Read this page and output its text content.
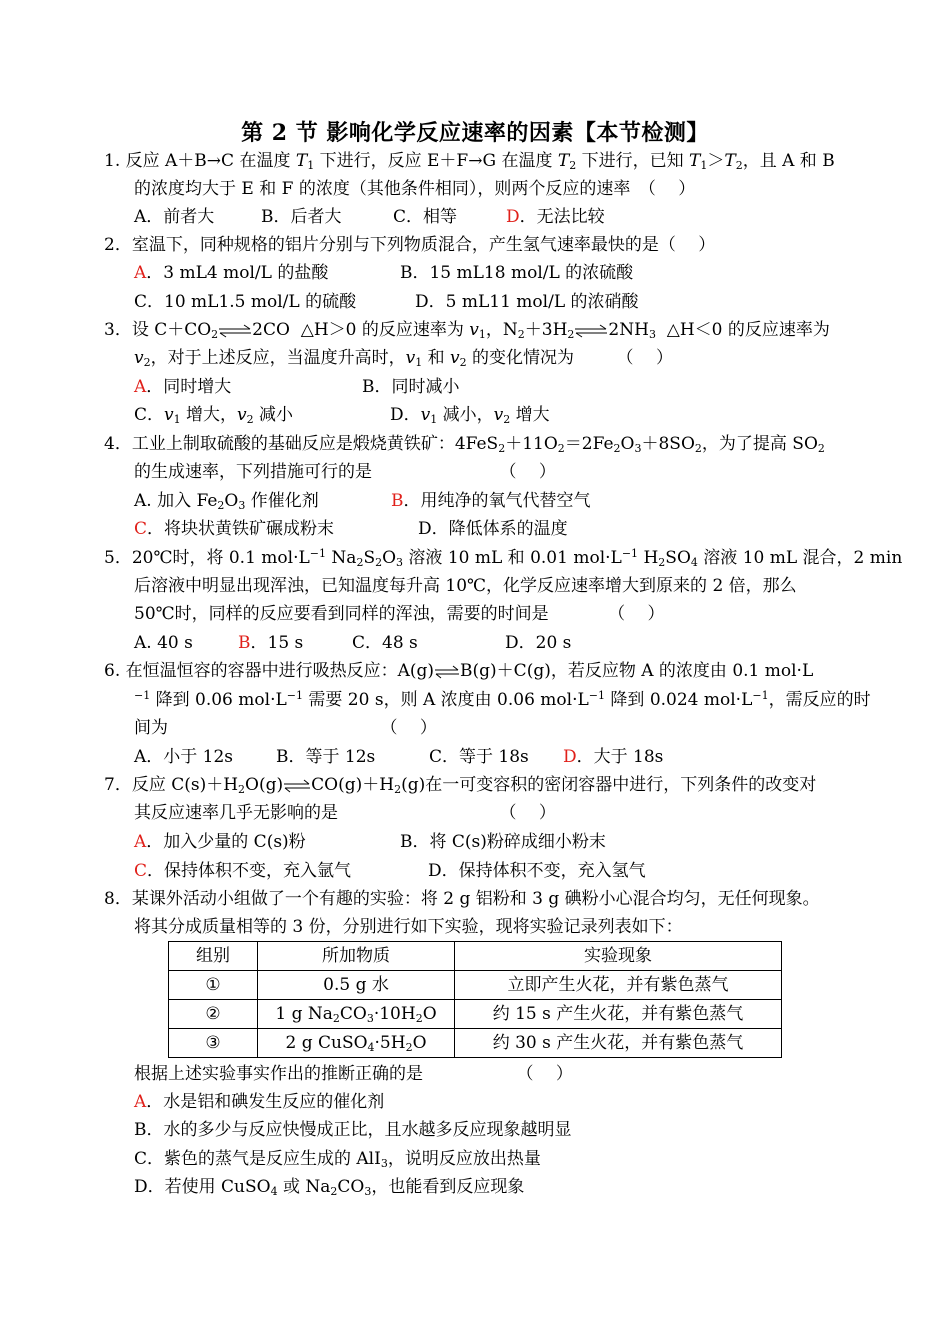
第 2 节 影响化学反应速率的因素【本节检测】
1. 反应 A＋B→C 在温度 $T_1$ 下进行，反应 E＋F→G 在温度 $T_2$ 下进行，已知 $T_1>T_2$，且 A 和 B
的浓度均大于 E 和 F 的浓度（其他条件相同），则两个反应的速率　（　 ）
A．前者大	B．后者大	C．相等	D．无法比较
2．室温下，同种规格的铝片分别与下列物质混合，产生氢气速率最快的是（　 ）
A．3 mL4 mol/L 的盐酸	B．15 mL18 mol/L 的浓硫酸
C．10 mL1.5 mol/L 的硫酸	D．5 mL11 mol/L 的浓硝酸
3．设 $C+CO_2\rightleftharpoons 2CO$  △H＞0 的反应速率为 $v_1$，$N_2+3H_2\rightleftharpoons 2NH_3$  △H＜0 的反应速率为
$v_2$，对于上述反应，当温度升高时，$v_1$ 和 $v_2$ 的变化情况为　　　（　 ）
A．同时增大	B．同时减小
C．$v_1$ 增大，$v_2$ 减小	D．$v_1$ 减小，$v_2$ 增大
4．工业上制取硫酸的基础反应是煅烧黄铁矿：$4FeS_2+11O_2=2Fe_2O_3+8SO_2$，为了提高 $SO_2$
的生成速率，下列措施可行的是　　　　　　　　（　 ）
A. 加入 $Fe_2O_3$ 作催化剂	B．用纯净的氧气代替空气
C．将块状黄铁矿碾成粉末	D．降低体系的温度
5．20℃时，将 0.1 $mol\cdot L^{-1}$ $Na_2S_2O_3$ 溶液 10 mL 和 0.01 $mol\cdot L^{-1}$ $H_2SO_4$ 溶液 10 mL 混合，2 min
后溶液中明显出现浑浊，已知温度每升高 10℃，化学反应速率增大到原来的 2 倍，那么
50℃时，同样的反应要看到同样的浑浊，需要的时间是　　　　（　 ）
A. 40 s	B．15 s	C．48 s	D．20 s
6. 在恒温恒容的容器中进行吸热反应：A(g)⇌B(g)＋C(g)，若反应物 A 的浓度由 0.1 mol·L
$^{-1}$ 降到 0.06 $mol\cdot L^{-1}$ 需要 20 s，则 A 浓度由 0.06 $mol\cdot L^{-1}$ 降到 0.024 $mol\cdot L^{-1}$，需反应的时
间为　　　　　　　　　　　　　（　 ）
A．小于 12s	B．等于 12s	C．等于 18s D．大于 18s
7．反应 $C(s)+H_2O(g)\rightleftharpoons CO(g)+H_2(g)$在一可变容积的密闭容器中进行，下列条件的改变对
其反应速率几乎无影响的是　　　　　　　　　　（　 ）
A．加入少量的 C(s)粉	B．将 C(s)粉碎成细小粉末
C．保持体积不变，充入氩气	D．保持体积不变，充入氢气
8．某课外活动小组做了一个有趣的实验：将 2 g 铝粉和 3 g 碘粉小心混合均匀，无任何现象。
将其分成质量相等的 3 份，分别进行如下实验，现将实验记录列表如下：
组别	所加物质	实验现象
①	0.5 g 水	立即产生火花，并有紫色蒸气
②	1 g $Na_2CO_3\cdot 10H_2O$	约 15 s 产生火花，并有紫色蒸气
③	2 g $CuSO_4\cdot 5H_2O$	约 30 s 产生火花，并有紫色蒸气
根据上述实验事实作出的推断正确的是　　　　　　（　 ）
A．水是铝和碘发生反应的催化剂
B．水的多少与反应快慢成正比，且水越多反应现象越明显
C．紫色的蒸气是反应生成的 AlI$_3$，说明反应放出热量
D．若使用 CuSO$_4$ 或 $Na_2CO_3$，也能看到反应现象
